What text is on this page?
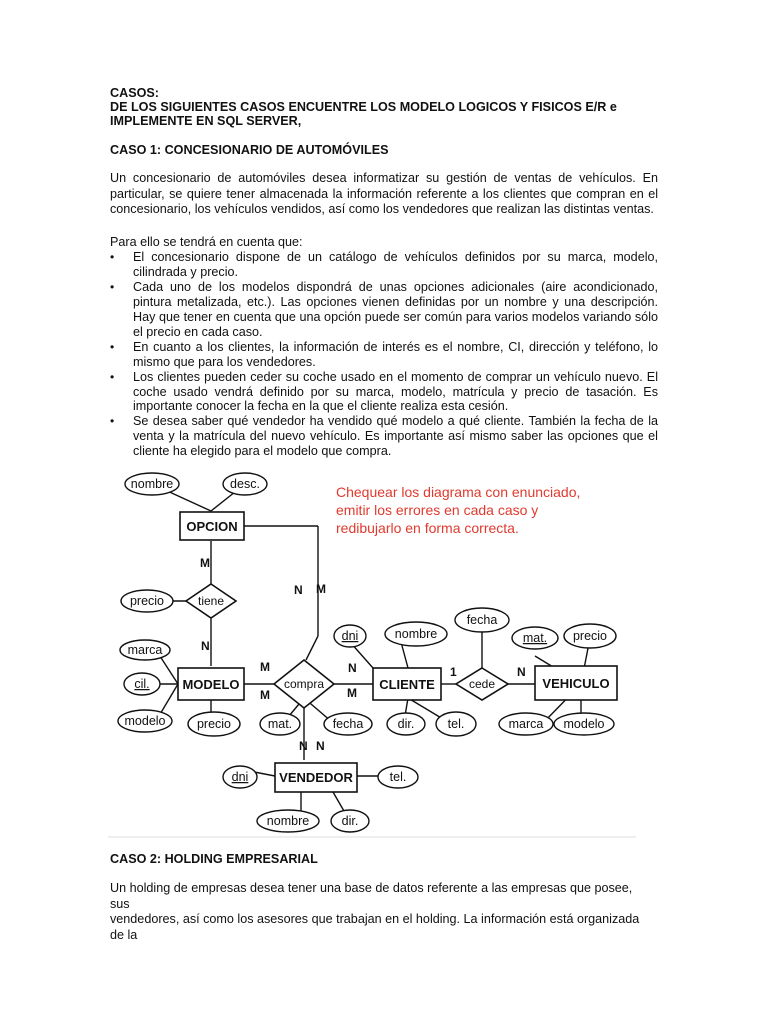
CASOS:

DE LOS SIGUIENTES CASOS ENCUENTRE LOS MODELO LOGICOS Y FISICOS E/R e

IMPLEMENTE EN SQL SERVER,

CASO 1: CONCESIONARIO DE AUTOMÓVILES

Un concesionario de automóviles desea informatizar su gestión de ventas de vehículos. En particular, se quiere tener almacenada la información referente a los clientes que compran en el concesionario, los vehículos vendidos, así como los vendedores que realizan las distintas ventas.

Para ello se tendrá en cuenta que:

• El concesionario dispone de un catálogo de vehículos definidos por su marca, modelo, cilindrada y precio.
• Cada uno de los modelos dispondrá de unas opciones adicionales (aire acondicionado, pintura metalizada, etc.). Las opciones vienen definidas por un nombre y una descripción. Hay que tener en cuenta que una opción puede ser común para varios modelos variando sólo el precio en cada caso.
• En cuanto a los clientes, la información de interés es el nombre, CI, dirección y teléfono, lo mismo que para los vendedores.
• Los clientes pueden ceder su coche usado en el momento de comprar un vehículo nuevo. El coche usado vendrá definido por su marca, modelo, matrícula y precio de tasación. Es importante conocer la fecha en la que el cliente realiza esta cesión.
• Se desea saber qué vendedor ha vendido qué modelo a qué cliente. También la fecha de la venta y la matrícula del nuevo vehículo. Es importante así mismo saber las opciones que el cliente ha elegido para el modelo que compra.
OPCION
MODELO	CLIENTE	VEHICULO
VENDEDOR
tiene
compra	cede
nombre	desc.
precio
marca
cil.
modelo	precio	mat.	fecha
dni	nombre
dir.	tel.
fecha
mat. precio
marca modelo
dni	tel.
nombre	dir.
M
N
N M
M
M
N
M
1	N
N N
Chequear los diagrama con enunciado,
emitir los errores en cada caso y
redibujarlo en forma correcta.

CASO 2: HOLDING EMPRESARIAL

Un holding de empresas desea tener una base de datos referente a las empresas que posee,

sus

vendedores, así como los asesores que trabajan en el holding. La información está organizada

de la
